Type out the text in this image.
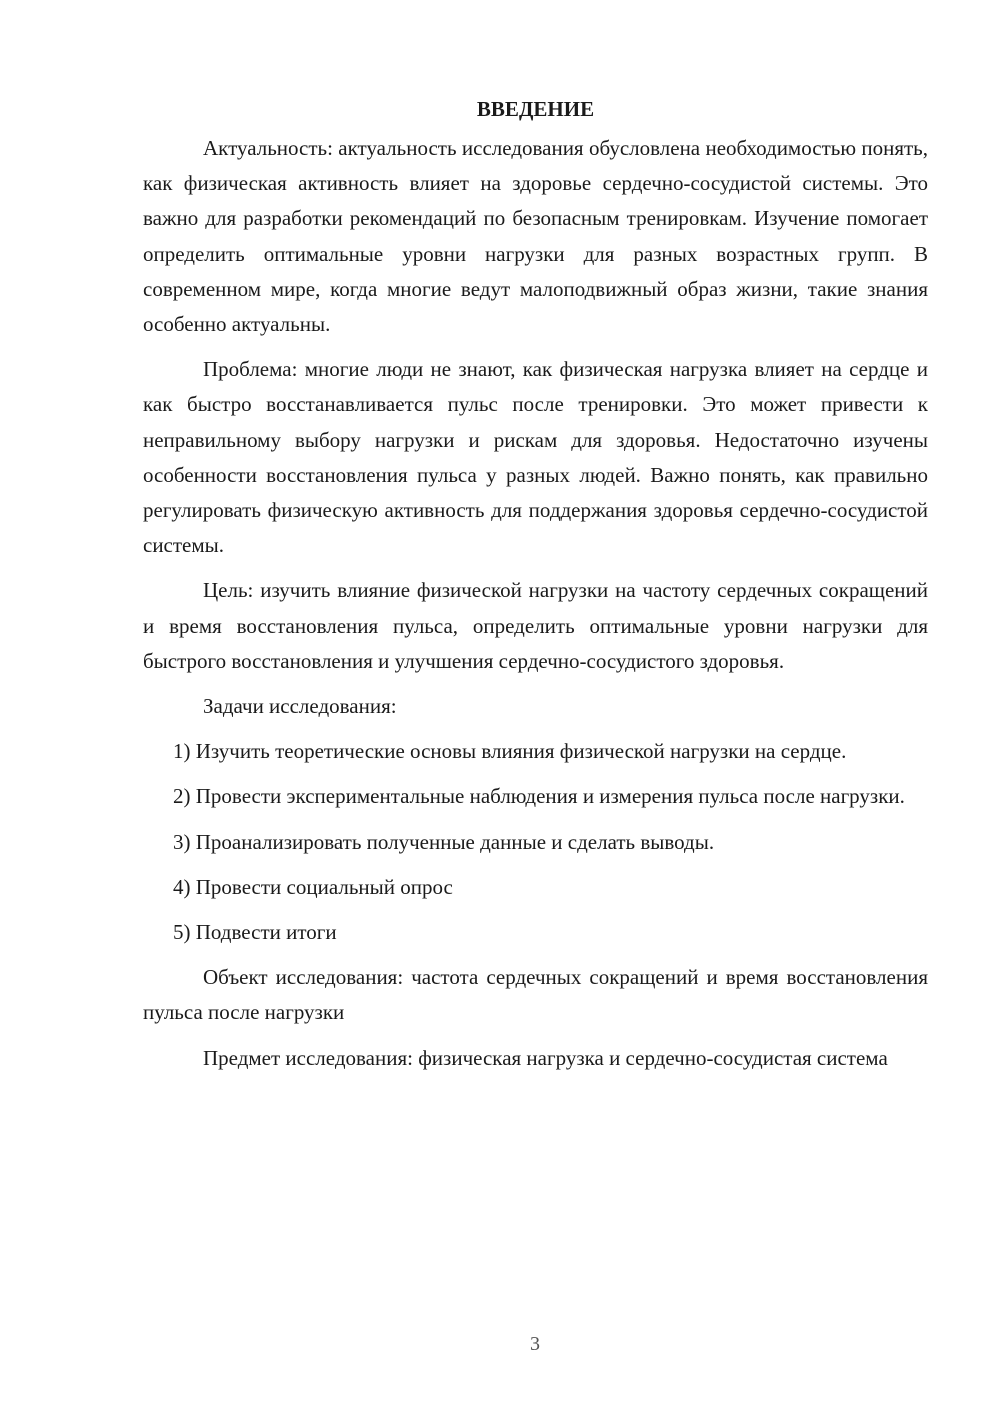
ВВЕДЕНИЕ

Актуальность: актуальность исследования обусловлена необходимостью понять, как физическая активность влияет на здоровье сердечно-сосудистой системы. Это важно для разработки рекомендаций по безопасным тренировкам. Изучение помогает определить оптимальные уровни нагрузки для разных возрастных групп. В современном мире, когда многие ведут малоподвижный образ жизни, такие знания особенно актуальны.

Проблема: многие люди не знают, как физическая нагрузка влияет на сердце и как быстро восстанавливается пульс после тренировки. Это может привести к неправильному выбору нагрузки и рискам для здоровья. Недостаточно изучены особенности восстановления пульса у разных людей. Важно понять, как правильно регулировать физическую активность для поддержания здоровья сердечно-сосудистой системы.

Цель: изучить влияние физической нагрузки на частоту сердечных сокращений и время восстановления пульса, определить оптимальные уровни нагрузки для быстрого восстановления и улучшения сердечно-сосудистого здоровья.

Задачи исследования:

1) Изучить теоретические основы влияния физической нагрузки на сердце.

2) Провести экспериментальные наблюдения и измерения пульса после нагрузки.

3) Проанализировать полученные данные и сделать выводы.

4) Провести социальный опрос

5) Подвести итоги

Объект исследования: частота сердечных сокращений и время восстановления пульса после нагрузки

Предмет исследования: физическая нагрузка и сердечно-сосудистая система

3
